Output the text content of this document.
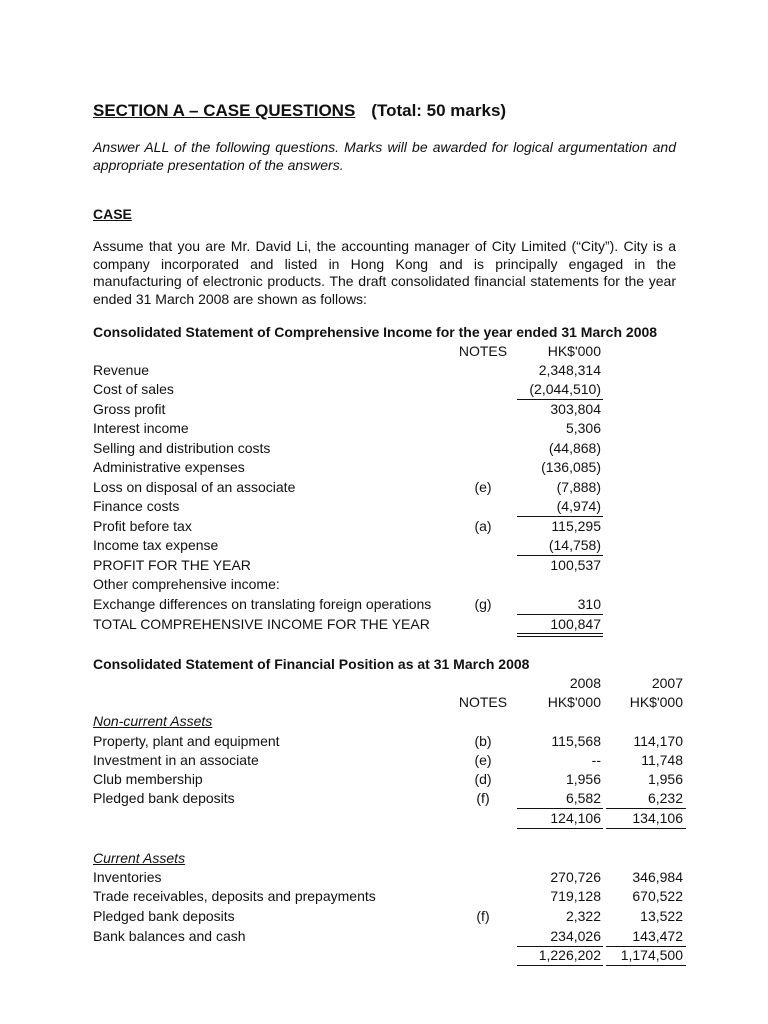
SECTION A – CASE QUESTIONS (Total: 50 marks)
Answer ALL of the following questions. Marks will be awarded for logical argumentation and appropriate presentation of the answers.
CASE
Assume that you are Mr. David Li, the accounting manager of City Limited (“City”). City is a company incorporated and listed in Hong Kong and is principally engaged in the manufacturing of electronic products. The draft consolidated financial statements for the year ended 31 March 2008 are shown as follows:
Consolidated Statement of Comprehensive Income for the year ended 31 March 2008
NOTES	HK$'000
Revenue	2,348,314
Cost of sales	(2,044,510)
Gross profit	303,804
Interest income	5,306
Selling and distribution costs	(44,868)
Administrative expenses	(136,085)
Loss on disposal of an associate	(e)	(7,888)
Finance costs	(4,974)
Profit before tax	(a)	115,295
Income tax expense	(14,758)
PROFIT FOR THE YEAR	100,537
Other comprehensive income:
Exchange differences on translating foreign operations	(g)	310
TOTAL COMPREHENSIVE INCOME FOR THE YEAR	100,847
Consolidated Statement of Financial Position as at 31 March 2008
2008	2007
NOTES	HK$'000	HK$'000
Non-current Assets
Property, plant and equipment	(b)	115,568	114,170
Investment in an associate	(e)	--	11,748
Club membership	(d)	1,956	1,956
Pledged bank deposits	(f)	6,582	6,232
124,106	134,106
Current Assets
Inventories	270,726	346,984
Trade receivables, deposits and prepayments	719,128	670,522
Pledged bank deposits	(f)	2,322	13,522
Bank balances and cash	234,026	143,472
1,226,202	1,174,500
